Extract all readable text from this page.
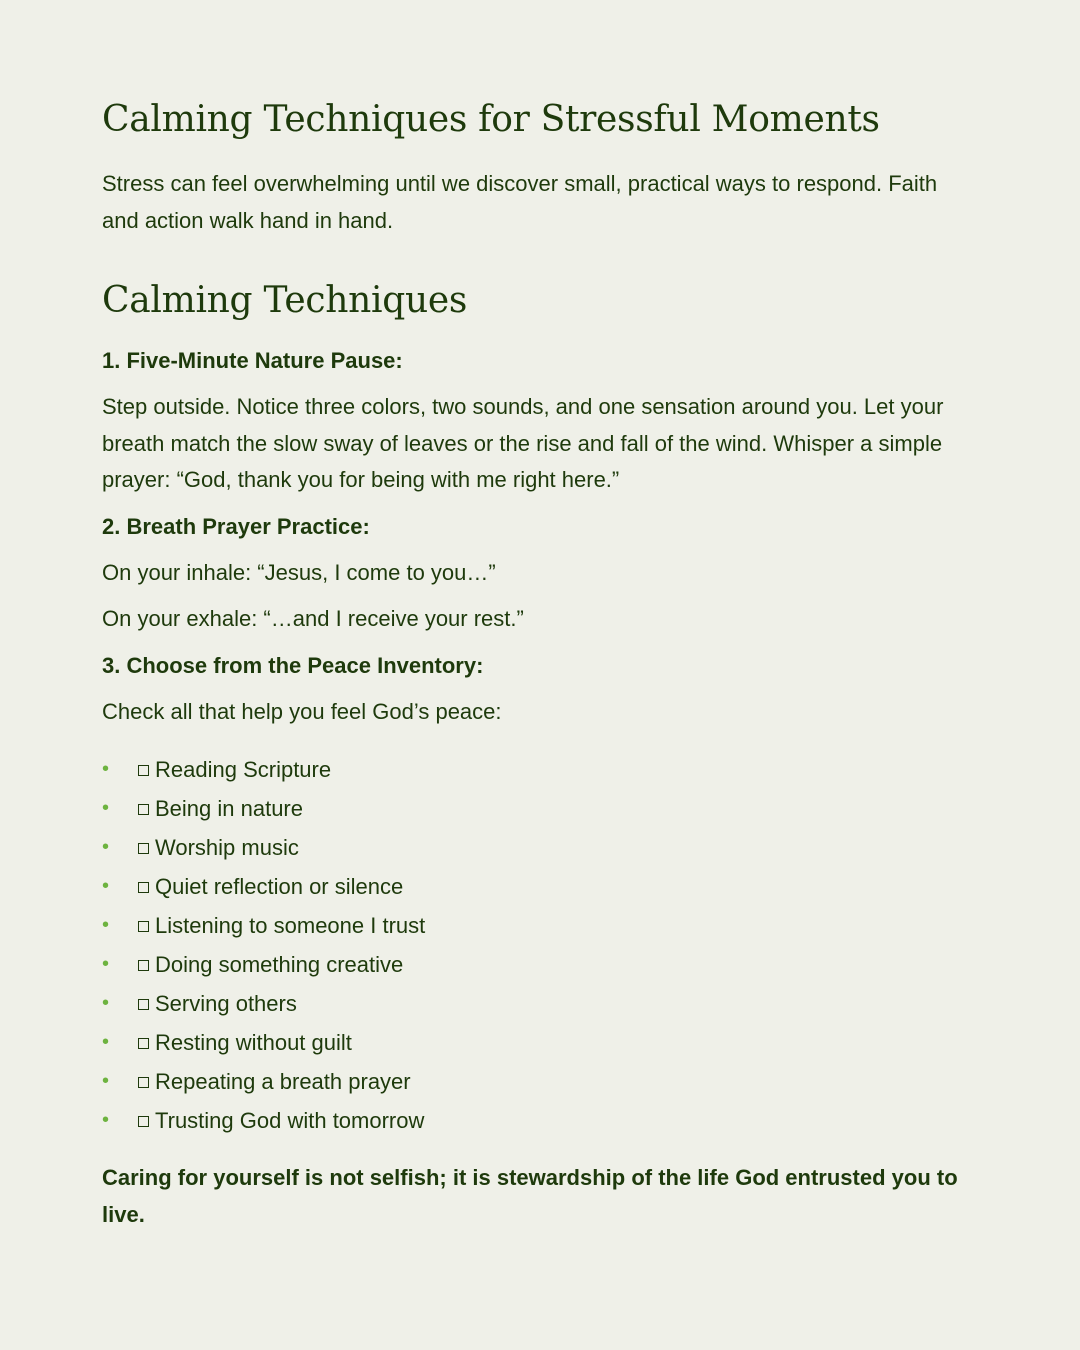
Calming Techniques for Stressful Moments

Stress can feel overwhelming until we discover small, practical ways to respond. Faith and action walk hand in hand.

Calming Techniques

1. Five-Minute Nature Pause:

Step outside. Notice three colors, two sounds, and one sensation around you. Let your breath match the slow sway of leaves or the rise and fall of the wind. Whisper a simple prayer: “God, thank you for being with me right here.”

2. Breath Prayer Practice:

On your inhale: “Jesus, I come to you…”

On your exhale: “…and I receive your rest.”

3. Choose from the Peace Inventory:

Check all that help you feel God’s peace:

• Reading Scripture
• Being in nature
• Worship music
• Quiet reflection or silence
• Listening to someone I trust
• Doing something creative
• Serving others
• Resting without guilt
• Repeating a breath prayer
• Trusting God with tomorrow

Caring for yourself is not selfish; it is stewardship of the life God entrusted you to live.
